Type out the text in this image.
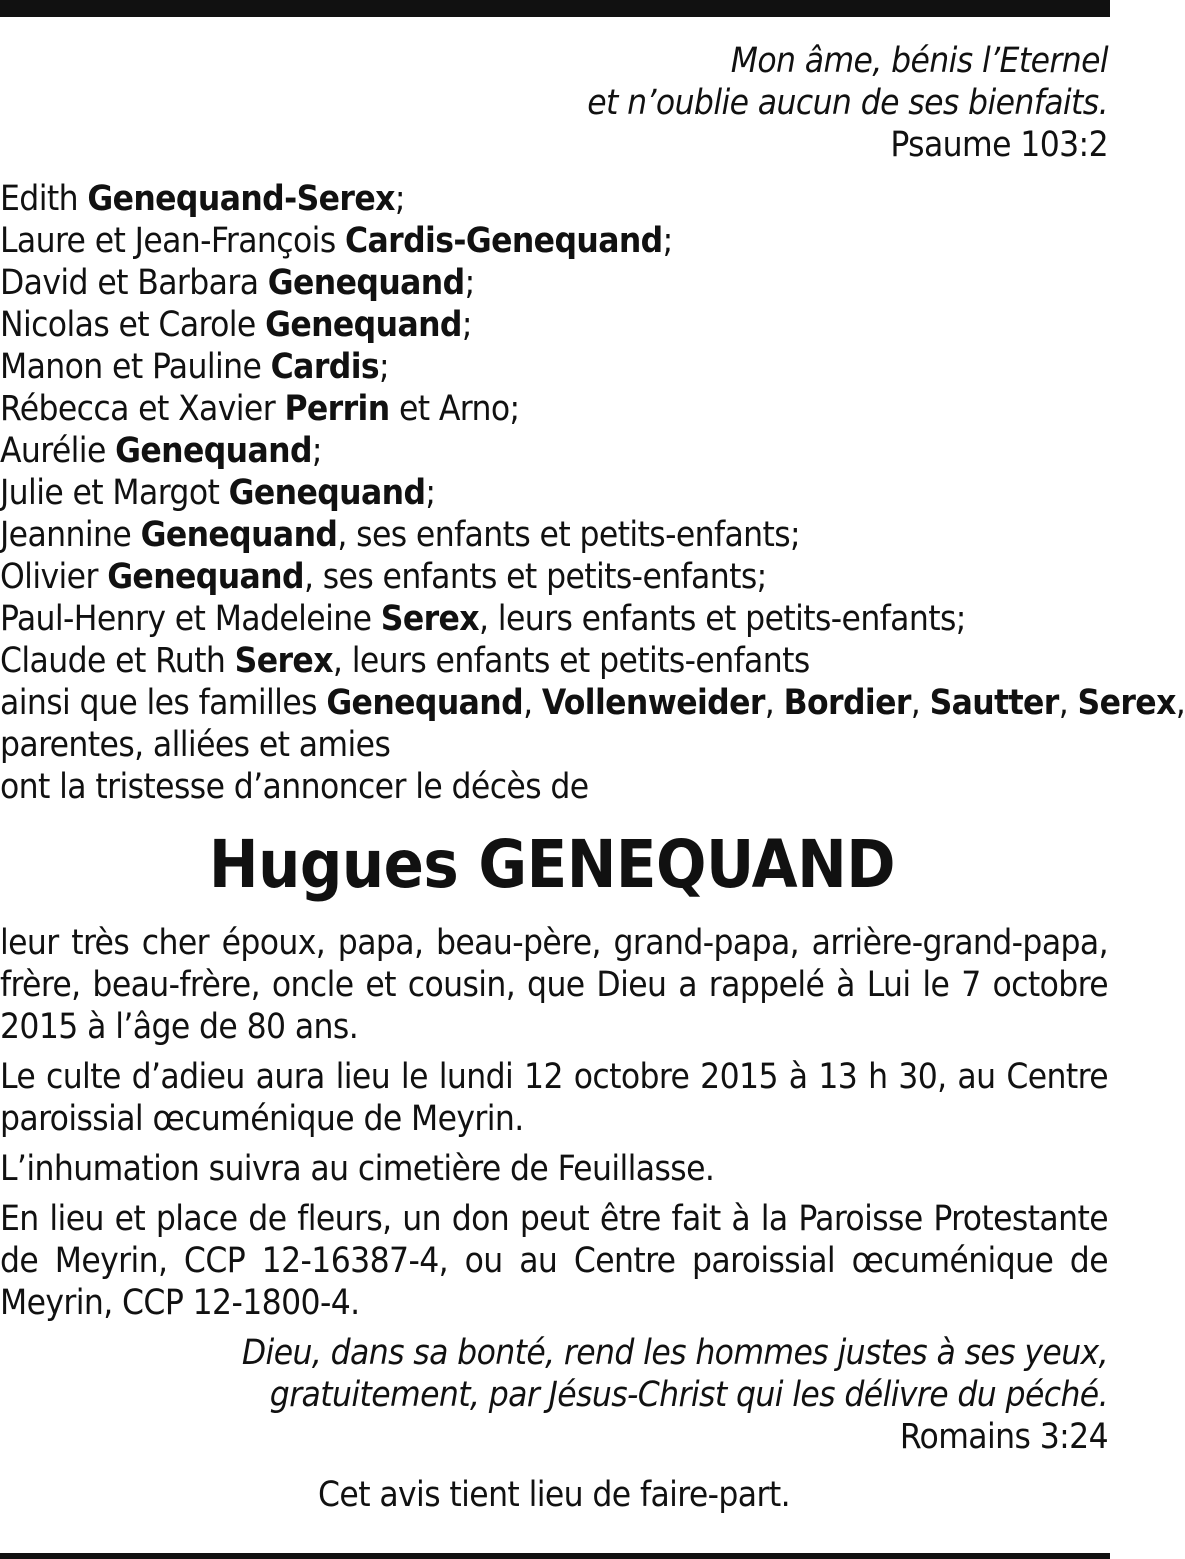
Mon âme, bénis l’Eternel
et n’oublie aucun de ses bienfaits.
Psaume 103:2
Edith Genequand-Serex;
Laure et Jean-François Cardis-Genequand;
David et Barbara Genequand;
Nicolas et Carole Genequand;
Manon et Pauline Cardis;
Rébecca et Xavier Perrin et Arno;
Aurélie Genequand;
Julie et Margot Genequand;
Jeannine Genequand, ses enfants et petits-enfants;
Olivier Genequand, ses enfants et petits-enfants;
Paul-Henry et Madeleine Serex, leurs enfants et petits-enfants;
Claude et Ruth Serex, leurs enfants et petits-enfants
ainsi que les familles Genequand, Vollenweider, Bordier, Sautter, Serex,
parentes, alliées et amies
ont la tristesse d’annoncer le décès de
Hugues GENEQUAND

leur très cher époux, papa, beau-père, grand-papa, arrière-grand-papa, frère, beau-frère, oncle et cousin, que Dieu a rappelé à Lui le 7 octobre 2015 à l’âge de 80 ans.

Le culte d’adieu aura lieu le lundi 12 octobre 2015 à 13 h 30, au Centre paroissial œcuménique de Meyrin.

L’inhumation suivra au cimetière de Feuillasse.

En lieu et place de fleurs, un don peut être fait à la Paroisse Protestante de Meyrin, CCP 12-16387-4, ou au Centre paroissial œcuménique de Meyrin, CCP 12-1800-4.

Dieu, dans sa bonté, rend les hommes justes à ses yeux,
gratuitement, par Jésus-Christ qui les délivre du péché.
Romains 3:24
Cet avis tient lieu de faire-part.
